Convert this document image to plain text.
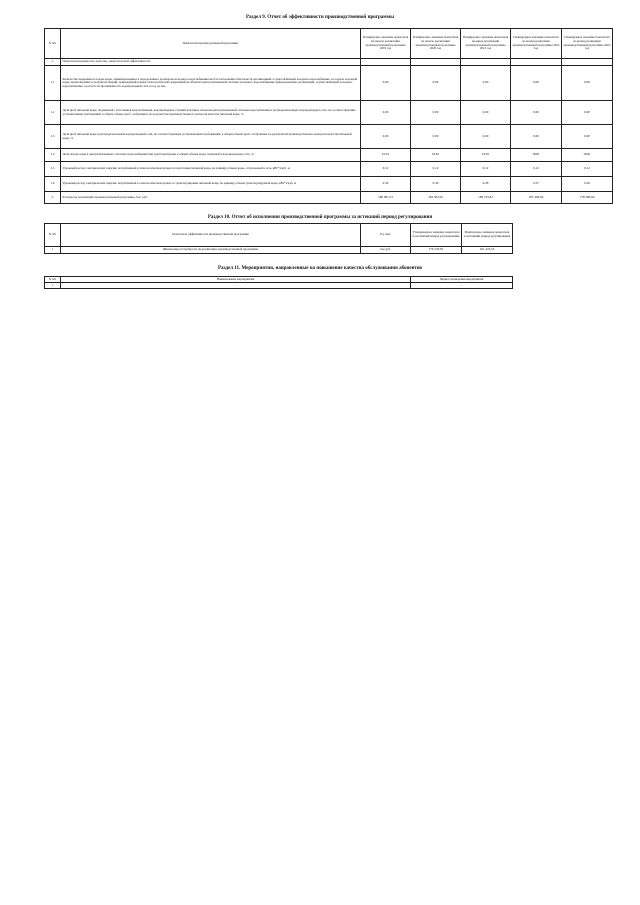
Раздел 9. Отчет об эффективности производственной программы
N п/п	Показатели производственной программы	Планируемое значение показателя на начало реализации производственной программы 2019 год	Планируемое значение показателя на начало реализации производственной программы 2020 год	Планируемое значение показателя на конец реализации производственной программы 2021 год	Планируемое значение показателя на конец реализации производственной программы 2022 год	Планируемое значение показателя на конец реализации производственной программы 2023 год
1.	Показатели надежности, качества, энергетической эффективности:					
1.1	Количество перерывов в подаче воды, зафиксированных в определенных договором холодного водоснабжения местах исполнения обязательств организацией, осуществляющей холодное водоснабжение, по подаче холодной воды, произошедших в результате аварий, повреждений и иных технологических нарушений на объектах централизованной системы холодного водоснабжения, принадлежащих организации, осуществляющей холодное водоснабжение, в расчете на протяженность водопроводной сети в год, ед./км.	0,00	0,00	0,00	0,00	0,00
1.2	Доля проб питьевой воды, подаваемой с источников водоснабжения, водопроводных станций или иных объектов централизованной системы водоснабжения в распределительную водопроводную сеть, не соответствующих установленным требованиям, в общем объеме проб, отобранных по результатам производственного контроля качества питьевой воды, %	0,00	0,00	0,00	0,00	0,00
1.3	Доля проб питьевой воды в распределительной водопроводной сети, не соответствующих установленным требованиям, в общем объеме проб, отобранных по результатам производственного контроля качества питьевой воды, %	0,00	0,00	0,00	0,00	0,00
1.4	Доля потерь воды в централизованных системах водоснабжения при транспортировке в общем объеме воды, поданной в водопроводную сеть, %	22,01	18,81	18,81	18,81	18,81
1.5	Удельный расход электрической энергии, потребляемой в технологическом процессе подготовки питьевой воды, на единицу объема воды, отпускаемой в сеть, кВт*ч/куб. м	0,12	0,12	0,12	0,12	0,12
1.6	Удельный расход электрической энергии, потребляемой в технологическом процессе транспортировки питьевой воды, на единицу объема транспортируемой воды, кВт*ч/куб. м	0,30	0,30	0,28	0,27	0,26
2.	Расходы на реализацию производственной программы, тыс. руб.	186 991,53	183 502,95	186 733,81	187 496,06	178 586,94
Раздел 10. Отчет об исполнении производственной программы за истекший период регулирования
N п/п	Показатель эффективности производственной программы	Ед. изм.	Утвержденное значение показателя на истекший период регулирования	Фактическое значение показателя за истекший период регулирования
1	Финансовые потребности на реализацию производственной программы	тыс.руб.	176 723,81	161 474,53
Раздел 11. Мероприятия, направленные на повышение качества обслуживания абонентов
N п/п	Наименование мероприятия	Период проведения мероприятия
1	-	-
